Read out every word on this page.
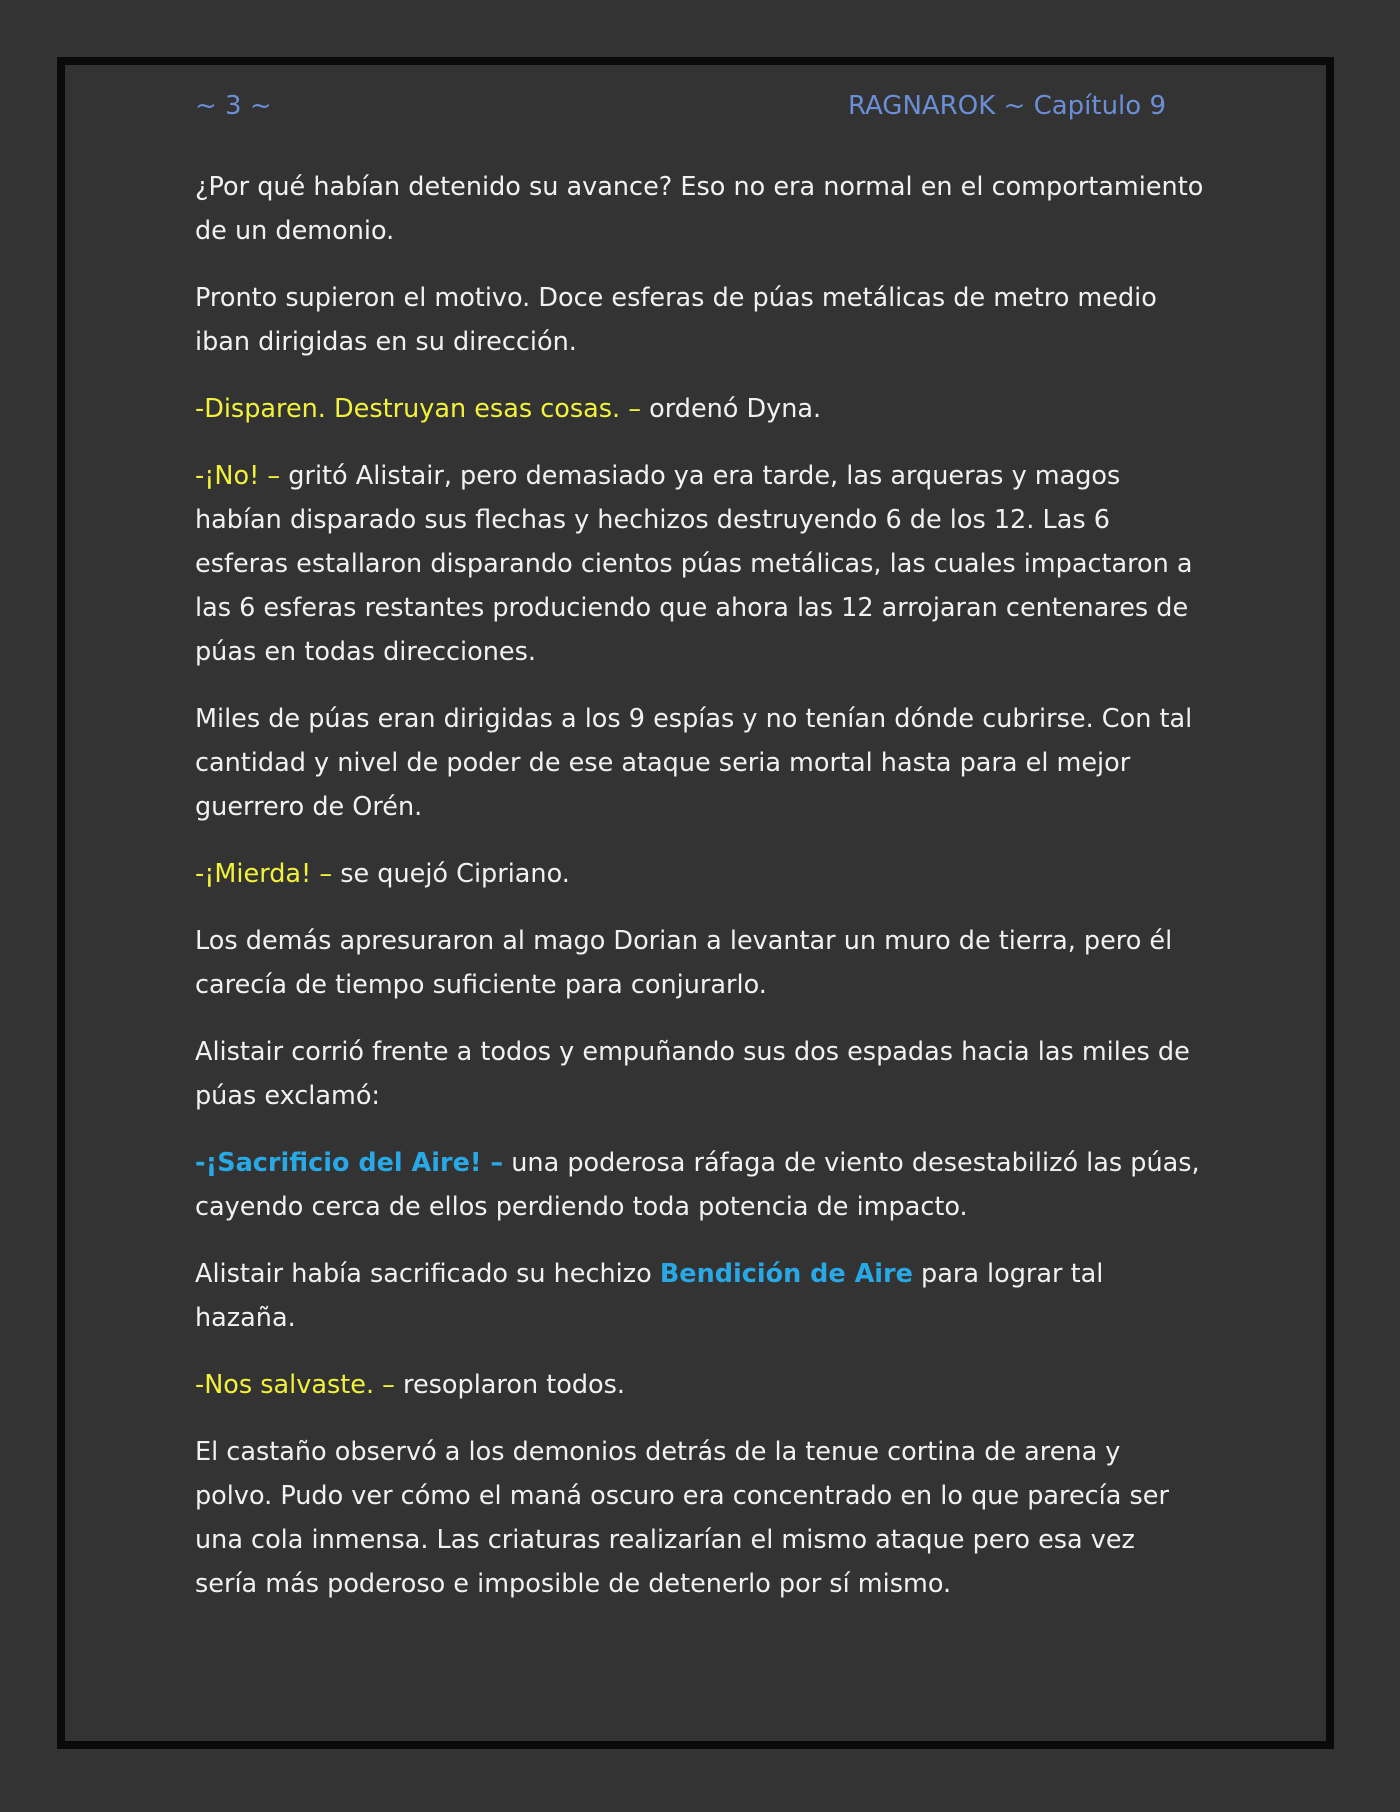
~ 3 ~	RAGNAROK ~ Capítulo 9

¿Por qué habían detenido su avance? Eso no era normal en el comportamiento de un demonio.

Pronto supieron el motivo. Doce esferas de púas metálicas de metro medio iban dirigidas en su dirección.

-Disparen. Destruyan esas cosas. – ordenó Dyna.

-¡No! – gritó Alistair, pero demasiado ya era tarde, las arqueras y magos habían disparado sus flechas y hechizos destruyendo 6 de los 12. Las 6 esferas estallaron disparando cientos púas metálicas, las cuales impactaron a las 6 esferas restantes produciendo que ahora las 12 arrojaran centenares de púas en todas direcciones.

Miles de púas eran dirigidas a los 9 espías y no tenían dónde cubrirse. Con tal cantidad y nivel de poder de ese ataque seria mortal hasta para el mejor guerrero de Orén.

-¡Mierda! – se quejó Cipriano.

Los demás apresuraron al mago Dorian a levantar un muro de tierra, pero él carecía de tiempo suficiente para conjurarlo.

Alistair corrió frente a todos y empuñando sus dos espadas hacia las miles de púas exclamó:

-¡Sacrificio del Aire! – una poderosa ráfaga de viento desestabilizó las púas, cayendo cerca de ellos perdiendo toda potencia de impacto.

Alistair había sacrificado su hechizo Bendición de Aire para lograr tal hazaña.

-Nos salvaste. – resoplaron todos.

El castaño observó a los demonios detrás de la tenue cortina de arena y polvo. Pudo ver cómo el maná oscuro era concentrado en lo que parecía ser una cola inmensa. Las criaturas realizarían el mismo ataque pero esa vez sería más poderoso e imposible de detenerlo por sí mismo.
